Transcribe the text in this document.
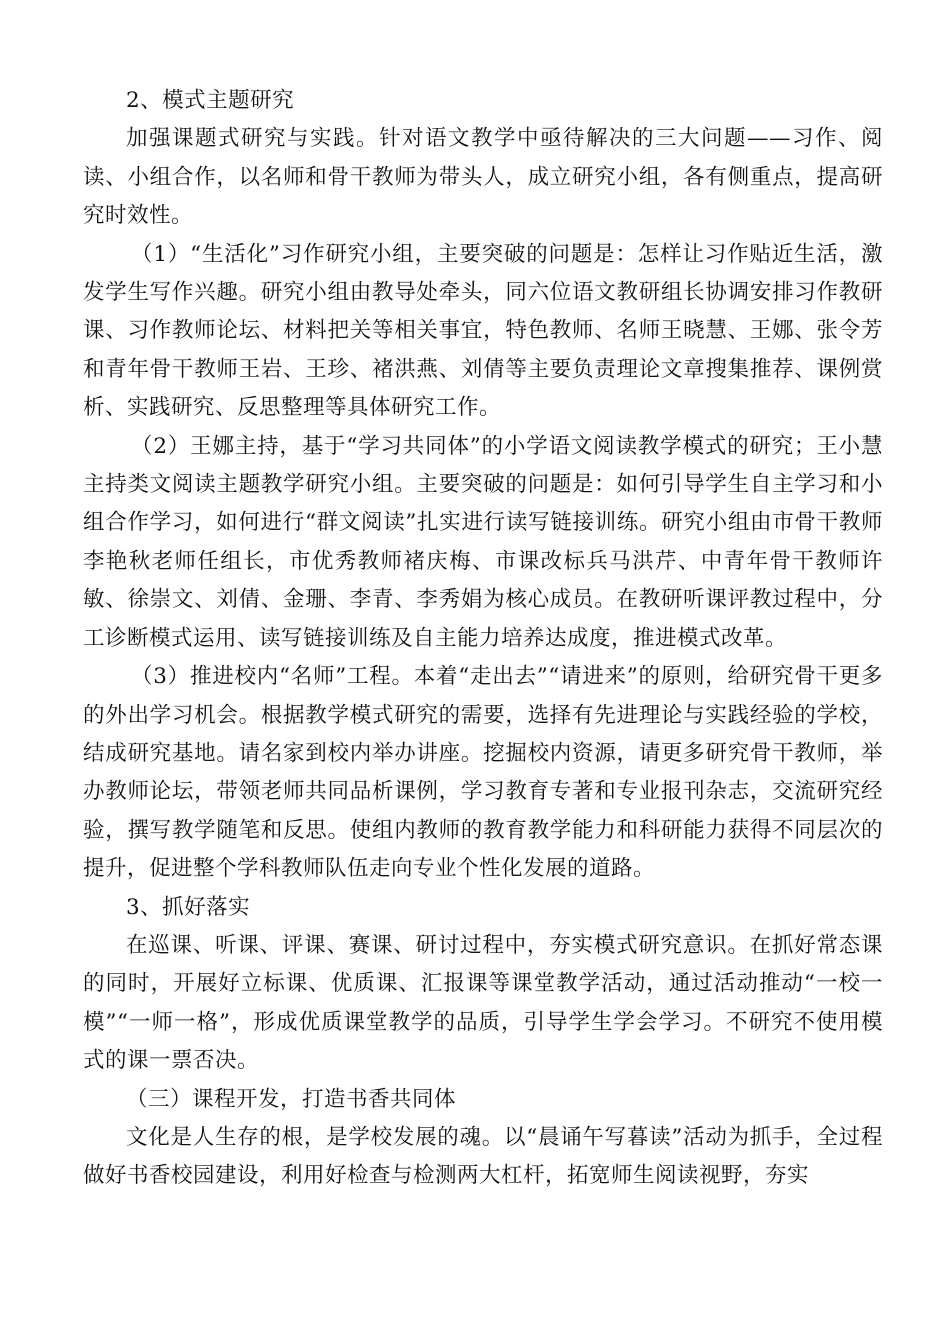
2、模式主题研究

加强课题式研究与实践。针对语文教学中亟待解决的三大问题——习作、阅读、小组合作，以名师和骨干教师为带头人，成立研究小组，各有侧重点，提高研究时效性。

（1）“生活化”习作研究小组，主要突破的问题是：怎样让习作贴近生活，激发学生写作兴趣。研究小组由教导处牵头，同六位语文教研组长协调安排习作教研课、习作教师论坛、材料把关等相关事宜，特色教师、名师王晓慧、王娜、张令芳和青年骨干教师王岩、王珍、褚洪燕、刘倩等主要负责理论文章搜集推荐、课例赏析、实践研究、反思整理等具体研究工作。

（2）王娜主持，基于“学习共同体”的小学语文阅读教学模式的研究；王小慧主持类文阅读主题教学研究小组。主要突破的问题是：如何引导学生自主学习和小组合作学习，如何进行“群文阅读”扎实进行读写链接训练。研究小组由市骨干教师李艳秋老师任组长，市优秀教师褚庆梅、市课改标兵马洪芹、中青年骨干教师许敏、徐崇文、刘倩、金珊、李青、李秀娟为核心成员。在教研听课评教过程中，分工诊断模式运用、读写链接训练及自主能力培养达成度，推进模式改革。

（3）推进校内“名师”工程。本着“走出去”“请进来”的原则，给研究骨干更多的外出学习机会。根据教学模式研究的需要，选择有先进理论与实践经验的学校，结成研究基地。请名家到校内举办讲座。挖掘校内资源，请更多研究骨干教师，举办教师论坛，带领老师共同品析课例，学习教育专著和专业报刊杂志，交流研究经验，撰写教学随笔和反思。使组内教师的教育教学能力和科研能力获得不同层次的提升，促进整个学科教师队伍走向专业个性化发展的道路。

3、抓好落实

在巡课、听课、评课、赛课、研讨过程中，夯实模式研究意识。在抓好常态课的同时，开展好立标课、优质课、汇报课等课堂教学活动，通过活动推动“一校一模”“一师一格”，形成优质课堂教学的品质，引导学生学会学习。不研究不使用模式的课一票否决。

（三）课程开发，打造书香共同体

文化是人生存的根，是学校发展的魂。以“晨诵午写暮读”活动为抓手，全过程做好书香校园建设，利用好检查与检测两大杠杆，拓宽师生阅读视野，夯实
